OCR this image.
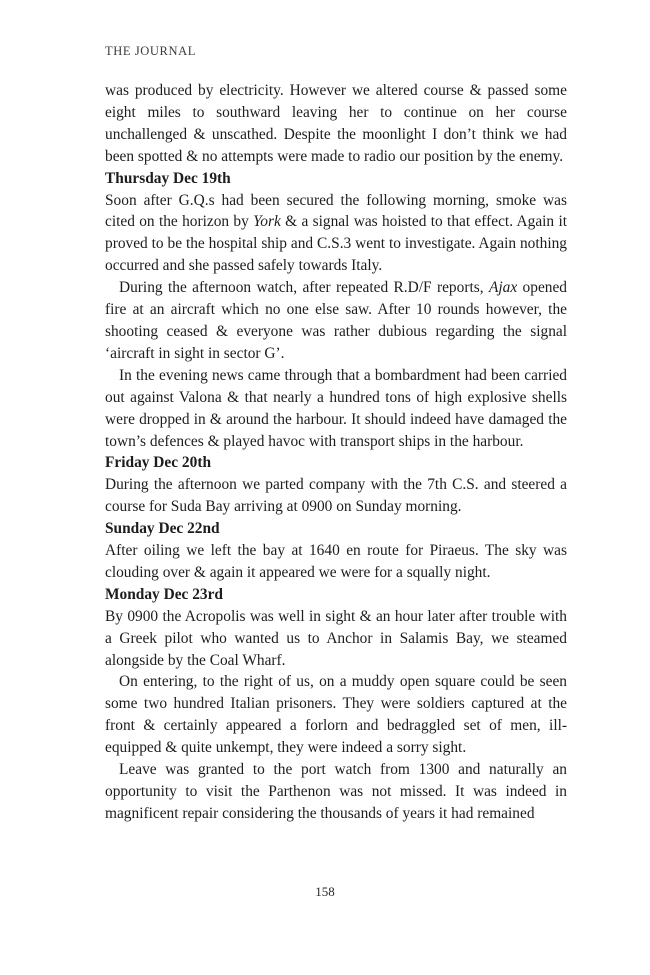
THE JOURNAL

was produced by electricity. However we altered course & passed some eight miles to southward leaving her to continue on her course unchallenged & unscathed. Despite the moonlight I don’t think we had been spotted & no attempts were made to radio our position by the enemy.

Thursday Dec 19th

Soon after G.Q.s had been secured the following morning, smoke was cited on the horizon by York & a signal was hoisted to that effect. Again it proved to be the hospital ship and C.S.3 went to investigate. Again nothing occurred and she passed safely towards Italy.

During the afternoon watch, after repeated R.D/F reports, Ajax opened fire at an aircraft which no one else saw. After 10 rounds however, the shooting ceased & everyone was rather dubious regarding the signal ‘aircraft in sight in sector G’.

In the evening news came through that a bombardment had been carried out against Valona & that nearly a hundred tons of high explosive shells were dropped in & around the harbour. It should indeed have damaged the town’s defences & played havoc with transport ships in the harbour.

Friday Dec 20th

During the afternoon we parted company with the 7th C.S. and steered a course for Suda Bay arriving at 0900 on Sunday morning.

Sunday Dec 22nd

After oiling we left the bay at 1640 en route for Piraeus. The sky was clouding over & again it appeared we were for a squally night.

Monday Dec 23rd

By 0900 the Acropolis was well in sight & an hour later after trouble with a Greek pilot who wanted us to Anchor in Salamis Bay, we steamed alongside by the Coal Wharf.

On entering, to the right of us, on a muddy open square could be seen some two hundred Italian prisoners. They were soldiers captured at the front & certainly appeared a forlorn and bedraggled set of men, ill-equipped & quite unkempt, they were indeed a sorry sight.

Leave was granted to the port watch from 1300 and naturally an opportunity to visit the Parthenon was not missed. It was indeed in magnificent repair considering the thousands of years it had remained

158
